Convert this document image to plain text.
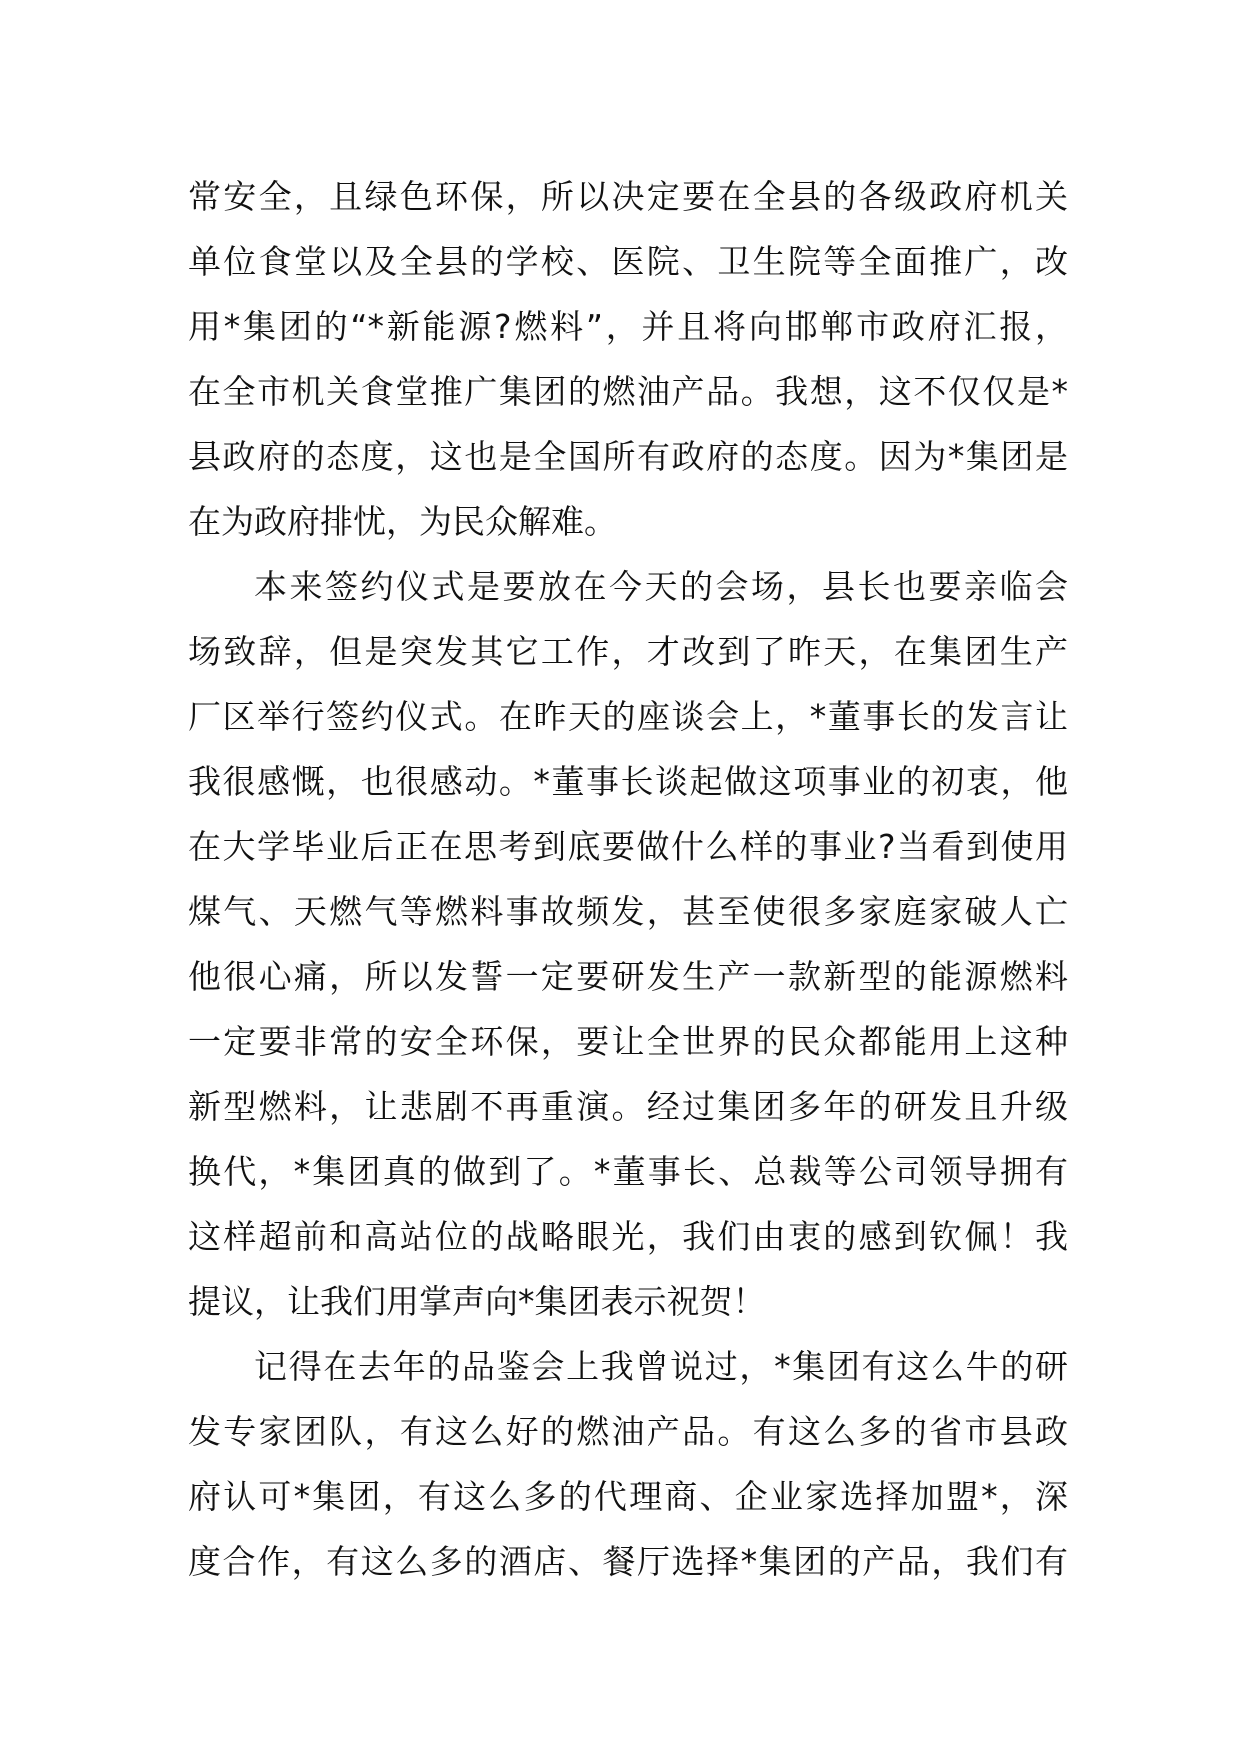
常安全，且绿色环保，所以决定要在全县的各级政府机关
单位食堂以及全县的学校、医院、卫生院等全面推广，改
用*集团的“*新能源?燃料”，并且将向邯郸市政府汇报，
在全市机关食堂推广集团的燃油产品。我想，这不仅仅是*
县政府的态度，这也是全国所有政府的态度。因为*集团是
在为政府排忧，为民众解难。
本来签约仪式是要放在今天的会场，县长也要亲临会
场致辞，但是突发其它工作，才改到了昨天，在集团生产
厂区举行签约仪式。在昨天的座谈会上，*董事长的发言让
我很感慨，也很感动。*董事长谈起做这项事业的初衷，他
在大学毕业后正在思考到底要做什么样的事业?当看到使用
煤气、天燃气等燃料事故频发，甚至使很多家庭家破人亡
他很心痛，所以发誓一定要研发生产一款新型的能源燃料
一定要非常的安全环保，要让全世界的民众都能用上这种
新型燃料，让悲剧不再重演。经过集团多年的研发且升级
换代，*集团真的做到了。*董事长、总裁等公司领导拥有
这样超前和高站位的战略眼光，我们由衷的感到钦佩！我
提议，让我们用掌声向*集团表示祝贺！
记得在去年的品鉴会上我曾说过，*集团有这么牛的研
发专家团队，有这么好的燃油产品。有这么多的省市县政
府认可*集团，有这么多的代理商、企业家选择加盟*，深
度合作，有这么多的酒店、餐厅选择*集团的产品，我们有
